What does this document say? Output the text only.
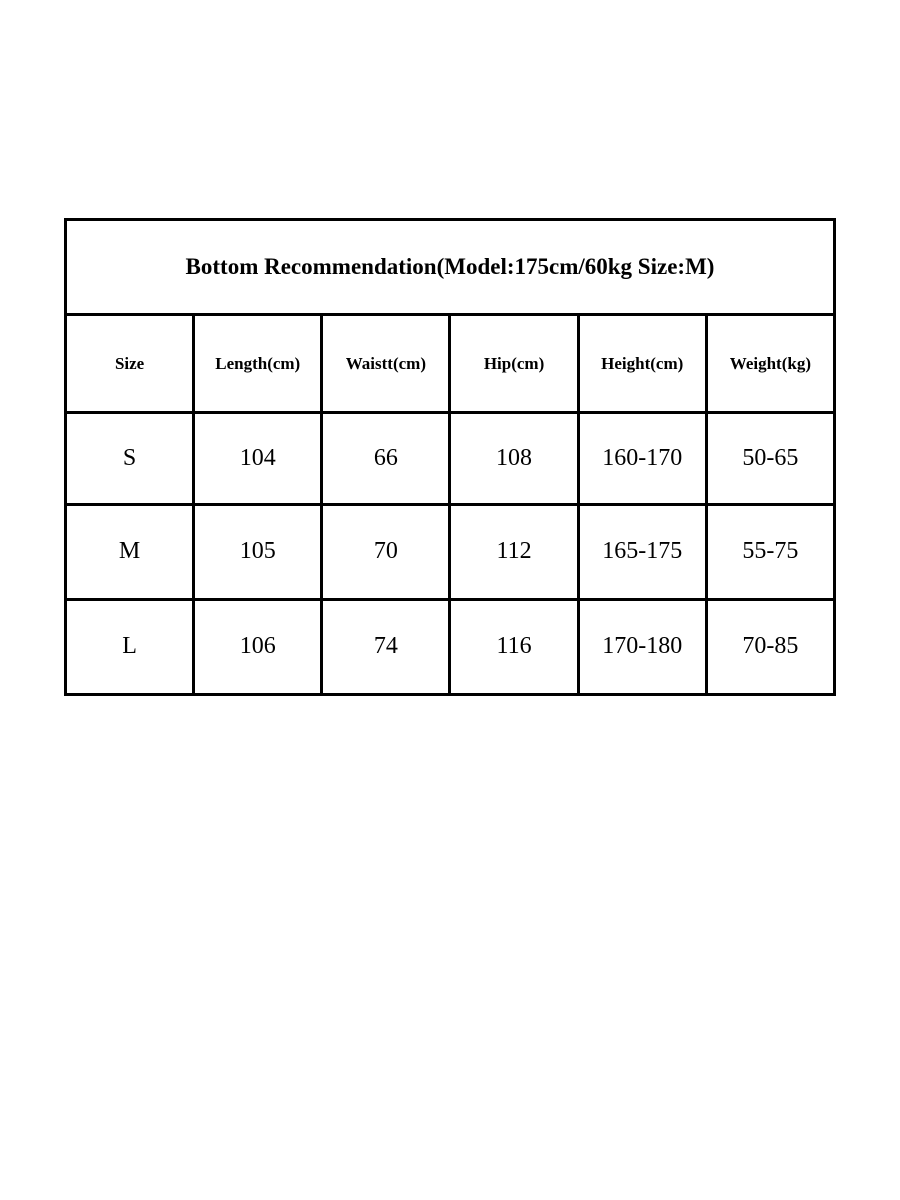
Bottom Recommendation(Model:175cm/60kg Size:M)					
Size	Length(cm)	Waistt(cm)	Hip(cm)	Height(cm)	Weight(kg)
S	104	66	108	160-170	50-65
M	105	70	112	165-175	55-75
L	106	74	116	170-180	70-85
